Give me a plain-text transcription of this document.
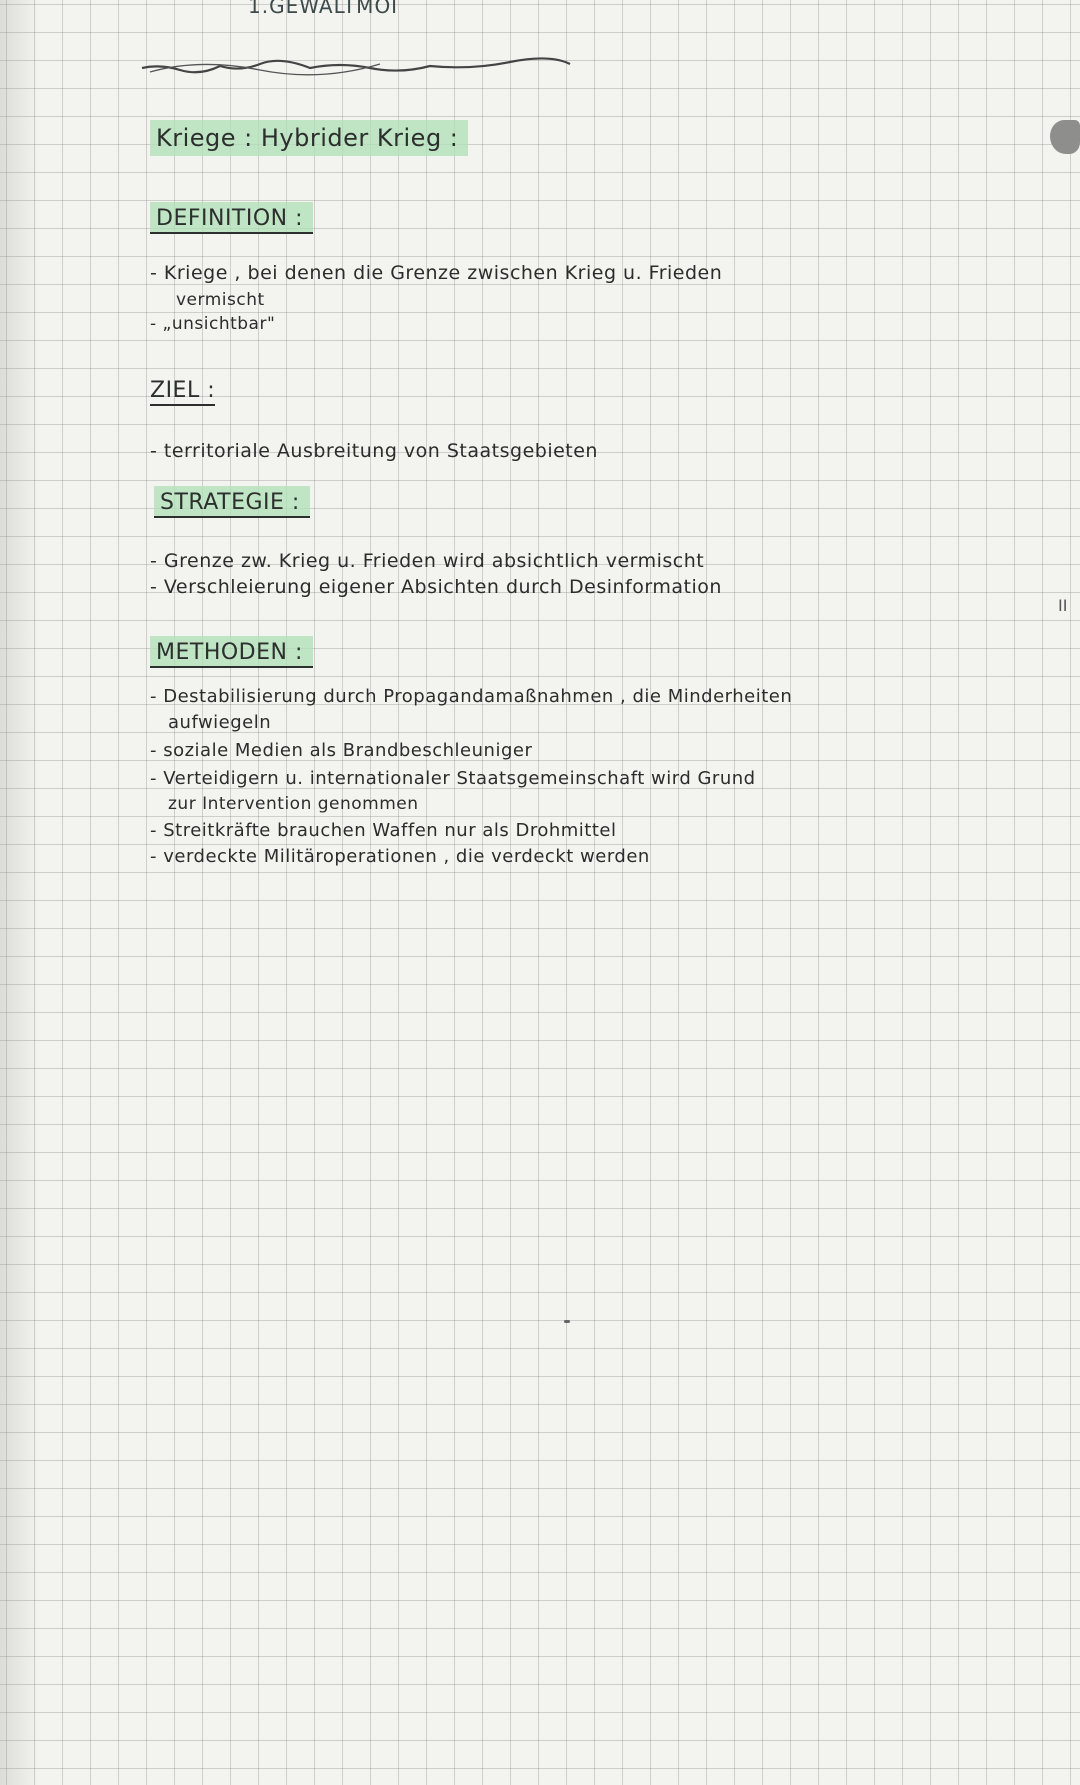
1.GEWALTMOI
Kriege : Hybrider Krieg :
DEFINITION :
- Kriege , bei denen die Grenze zwischen Krieg u. Frieden
vermischt
- „unsichtbar"
ZIEL :
- territoriale Ausbreitung von Staatsgebieten
STRATEGIE :
- Grenze zw. Krieg u. Frieden wird absichtlich vermischt
- Verschleierung eigener Absichten durch Desinformation
METHODEN :
- Destabilisierung durch Propagandamaßnahmen , die Minderheiten
aufwiegeln
- soziale Medien als Brandbeschleuniger
- Verteidigern u. internationaler Staatsgemeinschaft wird Grund
zur Intervention genommen
- Streitkräfte brauchen Waffen nur als Drohmittel
- verdeckte Militäroperationen , die verdeckt werden
II
